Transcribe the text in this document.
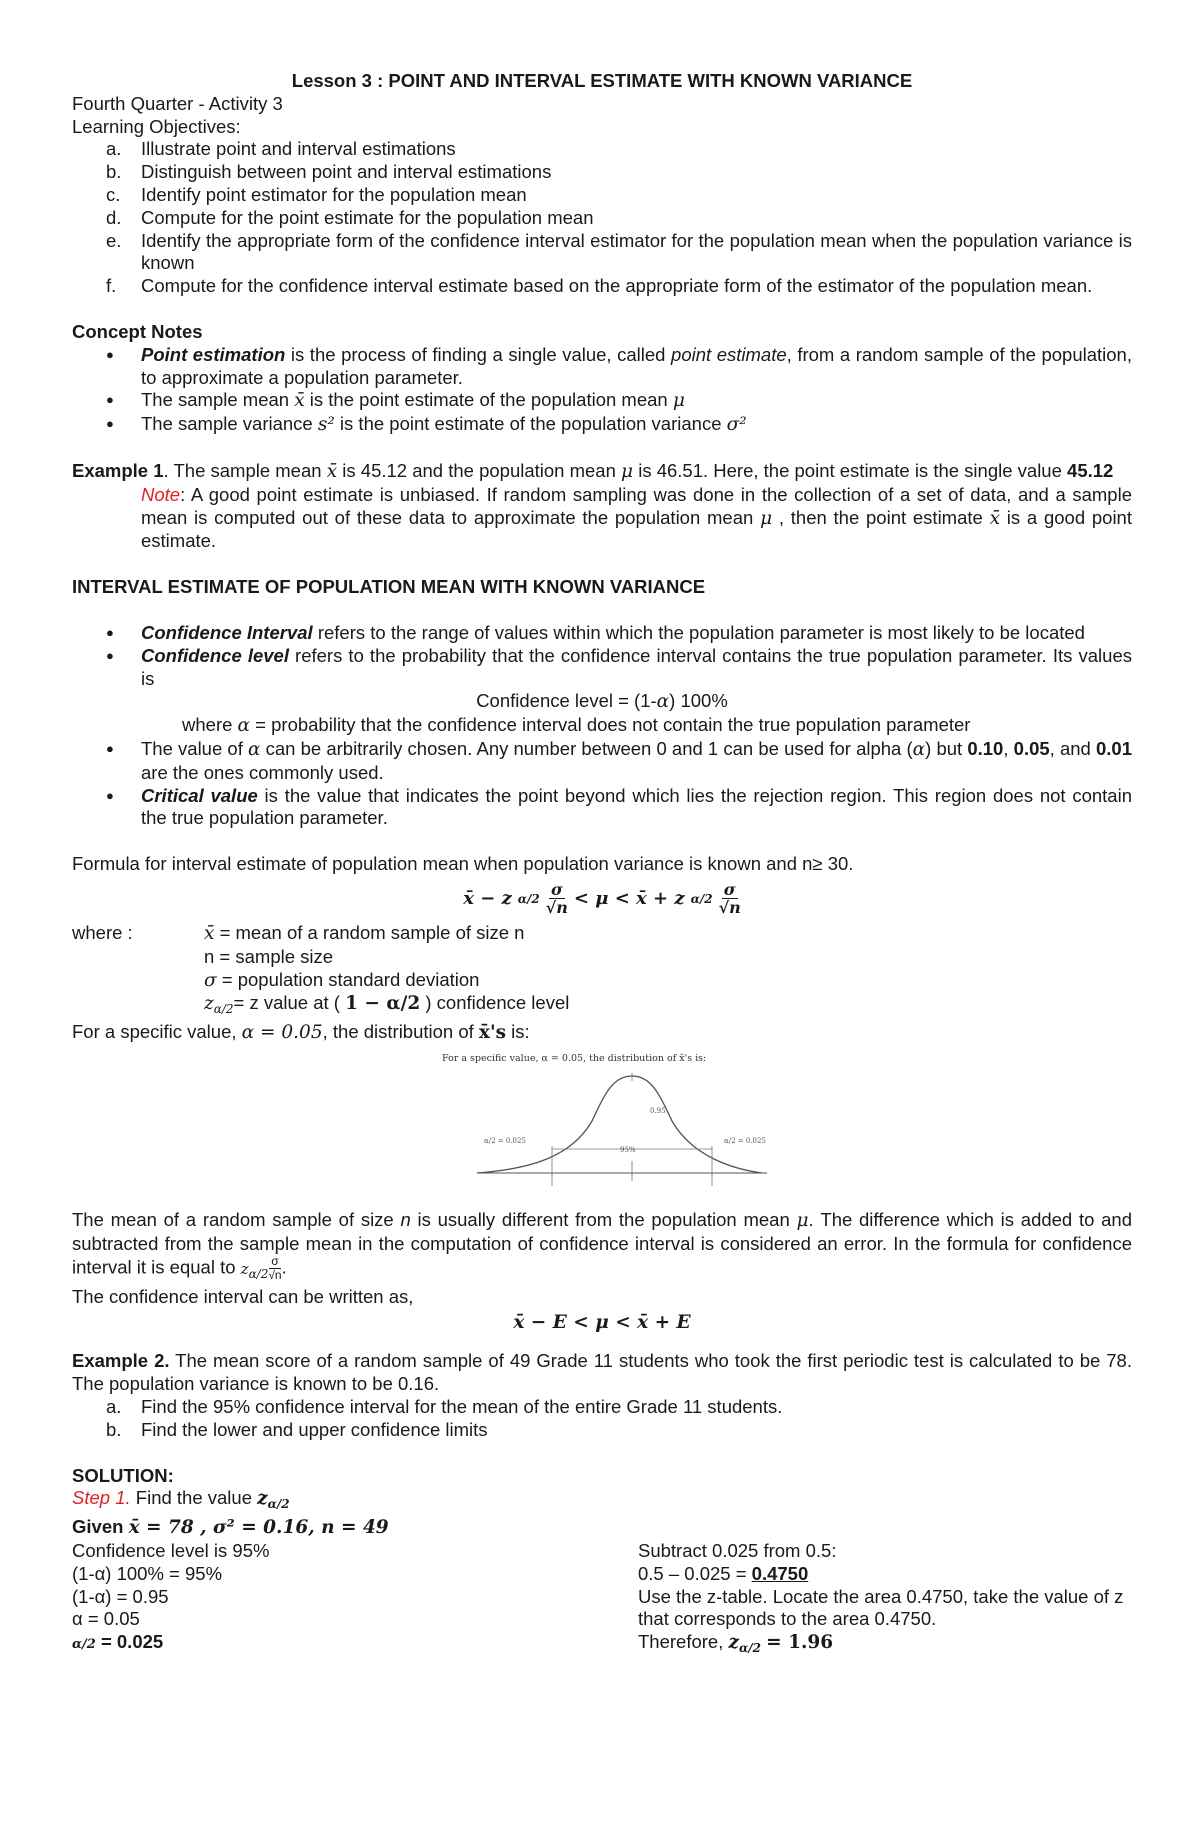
Lesson 3 : POINT AND INTERVAL ESTIMATE WITH KNOWN VARIANCE
Fourth Quarter - Activity 3
Learning Objectives:
a. Illustrate point and interval estimations
b. Distinguish between point and interval estimations
c. Identify point estimator for the population mean
d. Compute for the point estimate for the population mean
e. Identify the appropriate form of the confidence interval estimator for the population mean when the population variance is known
f. Compute for the confidence interval estimate based on the appropriate form of the estimator of the population mean.
Concept Notes
● Point estimation is the process of finding a single value, called point estimate, from a random sample of the population, to approximate a population parameter.
● The sample mean x̄ is the point estimate of the population mean μ
● The sample variance s² is the point estimate of the population variance σ²
Example 1. The sample mean x̄ is 45.12 and the population mean μ is 46.51. Here, the point estimate is the single value 45.12
Note: A good point estimate is unbiased. If random sampling was done in the collection of a set of data, and a sample mean is computed out of these data to approximate the population mean μ , then the point estimate x̄ is a good point estimate.
INTERVAL ESTIMATE OF POPULATION MEAN WITH KNOWN VARIANCE
● Confidence Interval refers to the range of values within which the population parameter is most likely to be located
● Confidence level refers to the probability that the confidence interval contains the true population parameter. Its values is
Confidence level = (1-α) 100%
where α = probability that the confidence interval does not contain the true population parameter
● The value of α can be arbitrarily chosen. Any number between 0 and 1 can be used for alpha (α) but 0.10, 0.05, and 0.01 are the ones commonly used.
● Critical value is the value that indicates the point beyond which lies the rejection region. This region does not contain the true population parameter.
Formula for interval estimate of population mean when population variance is known and n≥ 30.
x̄ − z $\alpha/2 \frac{\sigma}{√n} < \mu$ < x̄ + z $\alpha/2 \frac{\sigma}{√n}$
where :	x̄ = mean of a random sample of size n
n = sample size
σ = population standard deviation
$z_{\alpha/2}= z$ value at ( 1 − α/2 ) confidence level
For a specific value, α = 0.05, the distribution of x̄'s is:
For a specific value, α = 0.05, the distribution of x̄'s is:
0.95
95%
α/2 = 0.025	α/2 = 0.025
The mean of a random sample of size n is usually different from the population mean μ. The difference which is added to and subtracted from the sample mean in the computation of confidence interval is considered an error. In the formula for confidence interval it is equal to $z_{\alpha/2} \frac{\sigma}{√n}$ .
The confidence interval can be written as,
x̄ − E < μ < x̄ + E
Example 2. The mean score of a random sample of 49 Grade 11 students who took the first periodic test is calculated to be 78. The population variance is known to be 0.16.
a. Find the 95% confidence interval for the mean of the entire Grade 11 students.
b. Find the lower and upper confidence limits
SOLUTION:
Step 1. Find the value $z_{\alpha/2}$
Given x̄ = 78 , σ² = 0.16, n = 49
Confidence level is 95%
(1-α) 100% = 95%
(1-α) = 0.95
α = 0.05
α/2 = 0.025
Subtract 0.025 from 0.5:
0.5 – 0.025 = 0.4750
Use the z-table. Locate the area 0.4750, take the value of z that corresponds to the area 0.4750.
Therefore, $z_{\alpha/2} = 1.96$
